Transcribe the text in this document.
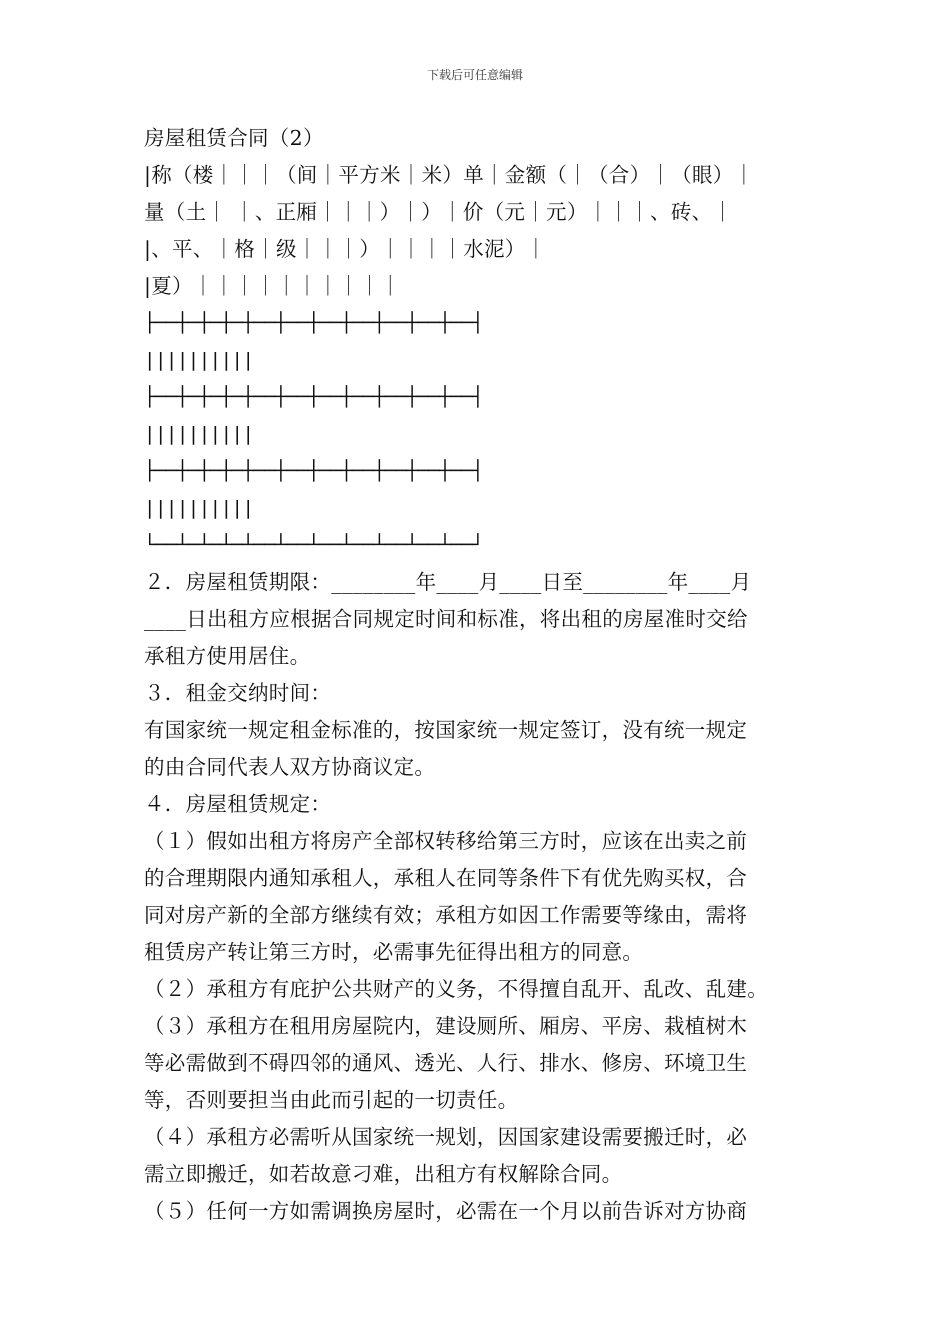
下载后可任意编辑
房屋租赁合同（2）
|称（楼｜｜｜（间｜平方米｜米）单｜金额（｜（合）｜（眼）｜
量（土｜ ｜、正厢｜｜｜）｜）｜价（元｜元）｜｜｜、砖、｜
|、平、｜格｜级｜｜｜）｜｜｜｜水泥）｜
|夏）｜｜｜｜｜｜｜｜｜｜
├──┼─┼─┼─┼──┼──┼──┼──┼──┼──┼──┤
||||||||||
├──┼─┼─┼─┼──┼──┼──┼──┼──┼──┼──┤
||||||||||
├──┼─┼─┼─┼──┼──┼──┼──┼──┼──┼──┤
||||||||||
└──┴─┴─┴─┴──┴──┴──┴──┴──┴──┴──┘
２．房屋租赁期限：________年____月____日至________年____月
____日出租方应根据合同规定时间和标准，将出租的房屋准时交给
承租方使用居住。
３．租金交纳时间：
有国家统一规定租金标准的，按国家统一规定签订，没有统一规定
的由合同代表人双方协商议定。
４．房屋租赁规定：
（１）假如出租方将房产全部权转移给第三方时，应该在出卖之前
的合理期限内通知承租人，承租人在同等条件下有优先购买权，合
同对房产新的全部方继续有效；承租方如因工作需要等缘由，需将
租赁房产转让第三方时，必需事先征得出租方的同意。
（２）承租方有庇护公共财产的义务，不得擅自乱开、乱改、乱建。
（３）承租方在租用房屋院内，建设厕所、厢房、平房、栽植树木
等必需做到不碍四邻的通风、透光、人行、排水、修房、环境卫生
等，否则要担当由此而引起的一切责任。
（４）承租方必需听从国家统一规划，因国家建设需要搬迁时，必
需立即搬迁，如若故意刁难，出租方有权解除合同。
（５）任何一方如需调换房屋时，必需在一个月以前告诉对方协商
